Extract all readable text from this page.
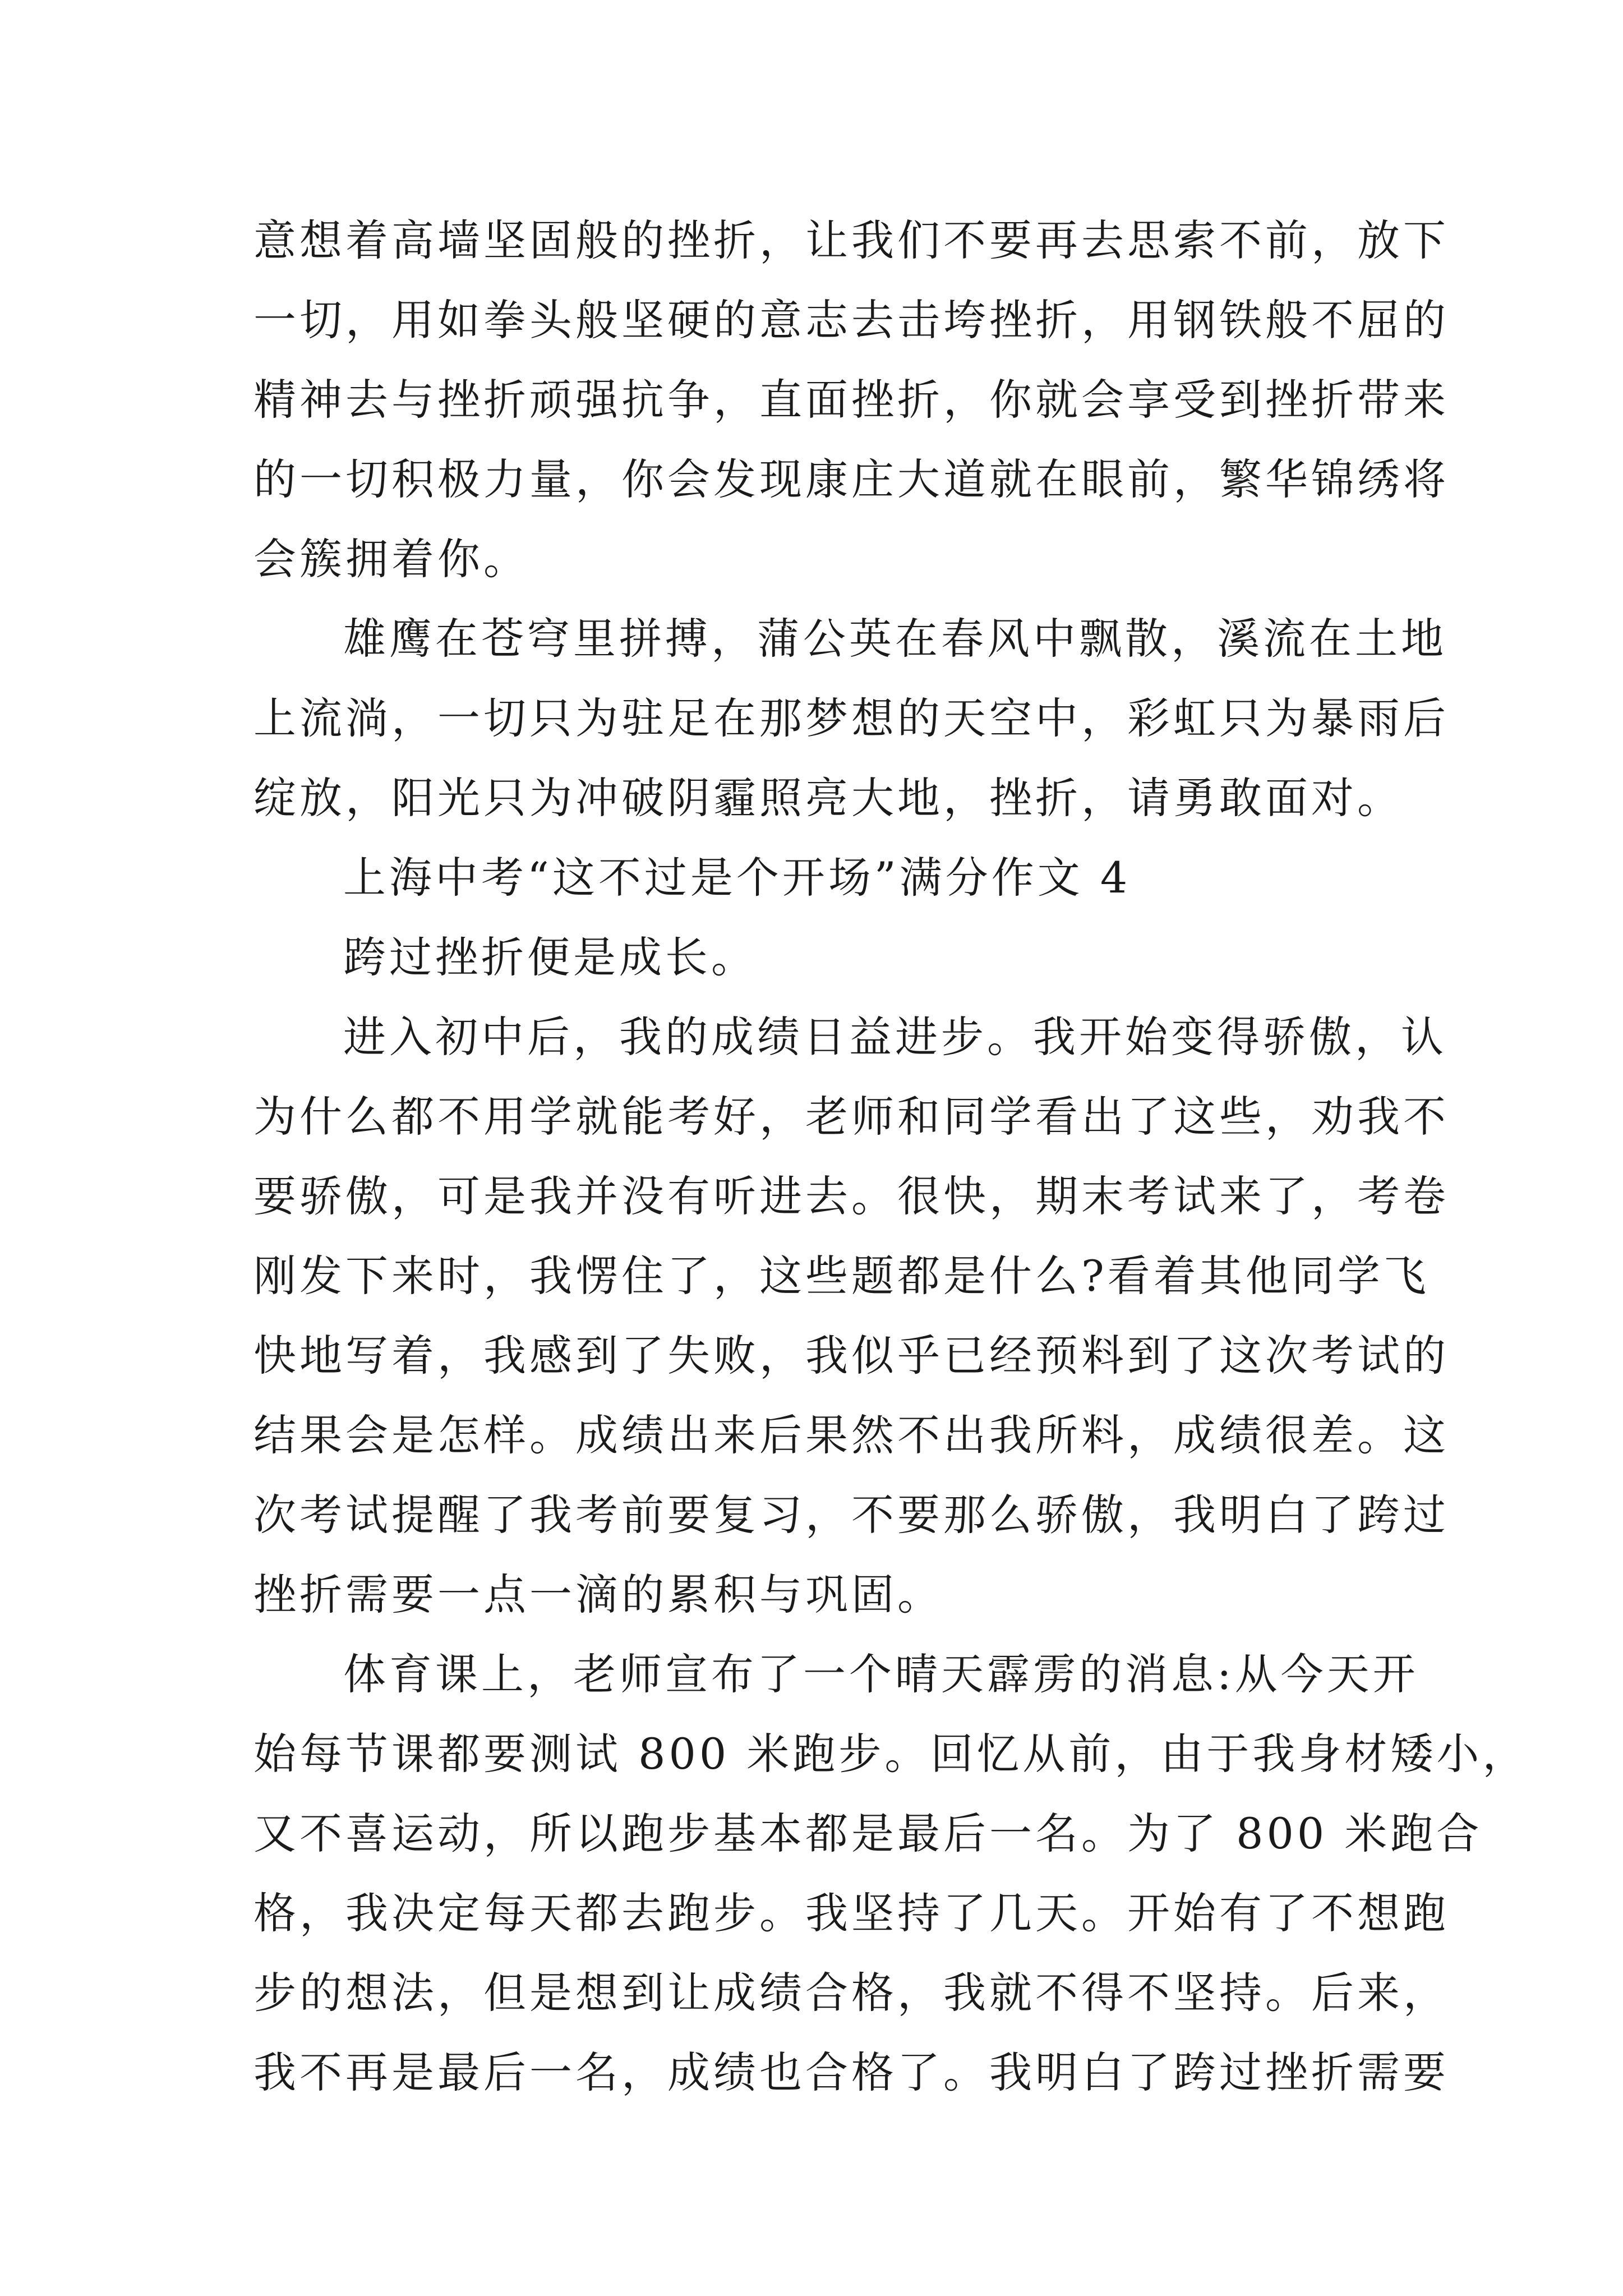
意想着高墙坚固般的挫折，让我们不要再去思索不前，放下
一切，用如拳头般坚硬的意志去击垮挫折，用钢铁般不屈的
精神去与挫折顽强抗争，直面挫折，你就会享受到挫折带来
的一切积极力量，你会发现康庄大道就在眼前，繁华锦绣将
会簇拥着你。
雄鹰在苍穹里拼搏，蒲公英在春风中飘散，溪流在土地
上流淌，一切只为驻足在那梦想的天空中，彩虹只为暴雨后
绽放，阳光只为冲破阴霾照亮大地，挫折，请勇敢面对。
上海中考“这不过是个开场”满分作文 4
跨过挫折便是成长。
进入初中后，我的成绩日益进步。我开始变得骄傲，认
为什么都不用学就能考好，老师和同学看出了这些，劝我不
要骄傲，可是我并没有听进去。很快，期末考试来了，考卷
刚发下来时，我愣住了，这些题都是什么?看着其他同学飞
快地写着，我感到了失败，我似乎已经预料到了这次考试的
结果会是怎样。成绩出来后果然不出我所料，成绩很差。这
次考试提醒了我考前要复习，不要那么骄傲，我明白了跨过
挫折需要一点一滴的累积与巩固。
体育课上，老师宣布了一个晴天霹雳的消息:从今天开
始每节课都要测试 800 米跑步。回忆从前，由于我身材矮小，
又不喜运动，所以跑步基本都是最后一名。为了 800 米跑合
格，我决定每天都去跑步。我坚持了几天。开始有了不想跑
步的想法，但是想到让成绩合格，我就不得不坚持。后来，
我不再是最后一名，成绩也合格了。我明白了跨过挫折需要
